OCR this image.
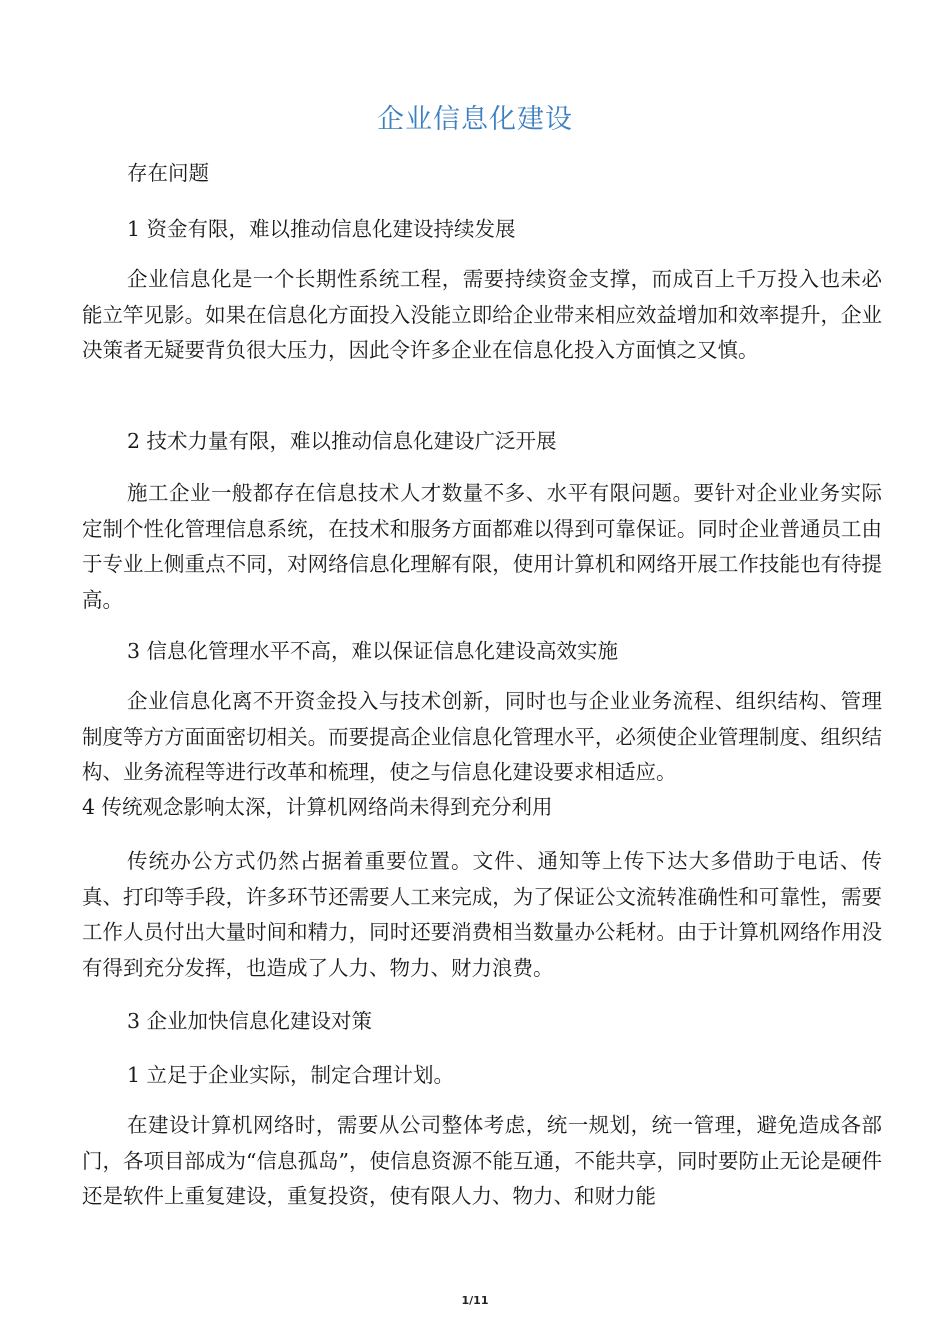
企业信息化建设
存在问题
1 资金有限，难以推动信息化建设持续发展
企业信息化是一个长期性系统工程，需要持续资金支撑，而成百上千万投入也未必能立竿见影。如果在信息化方面投入没能立即给企业带来相应效益增加和效率提升，企业决策者无疑要背负很大压力，因此令许多企业在信息化投入方面慎之又慎。
2 技术力量有限，难以推动信息化建设广泛开展
施工企业一般都存在信息技术人才数量不多、水平有限问题。要针对企业业务实际定制个性化管理信息系统，在技术和服务方面都难以得到可靠保证。同时企业普通员工由于专业上侧重点不同，对网络信息化理解有限，使用计算机和网络开展工作技能也有待提高。
3 信息化管理水平不高，难以保证信息化建设高效实施
企业信息化离不开资金投入与技术创新，同时也与企业业务流程、组织结构、管理制度等方方面面密切相关。而要提高企业信息化管理水平，必须使企业管理制度、组织结构、业务流程等进行改革和梳理，使之与信息化建设要求相适应。
4 传统观念影响太深，计算机网络尚未得到充分利用
传统办公方式仍然占据着重要位置。文件、通知等上传下达大多借助于电话、传真、打印等手段，许多环节还需要人工来完成，为了保证公文流转准确性和可靠性，需要工作人员付出大量时间和精力，同时还要消费相当数量办公耗材。由于计算机网络作用没有得到充分发挥，也造成了人力、物力、财力浪费。
3 企业加快信息化建设对策
1 立足于企业实际，制定合理计划。
在建设计算机网络时，需要从公司整体考虑，统一规划，统一管理，避免造成各部门，各项目部成为“信息孤岛”，使信息资源不能互通，不能共享，同时要防止无论是硬件还是软件上重复建设，重复投资，使有限人力、物力、和财力能
1/11
